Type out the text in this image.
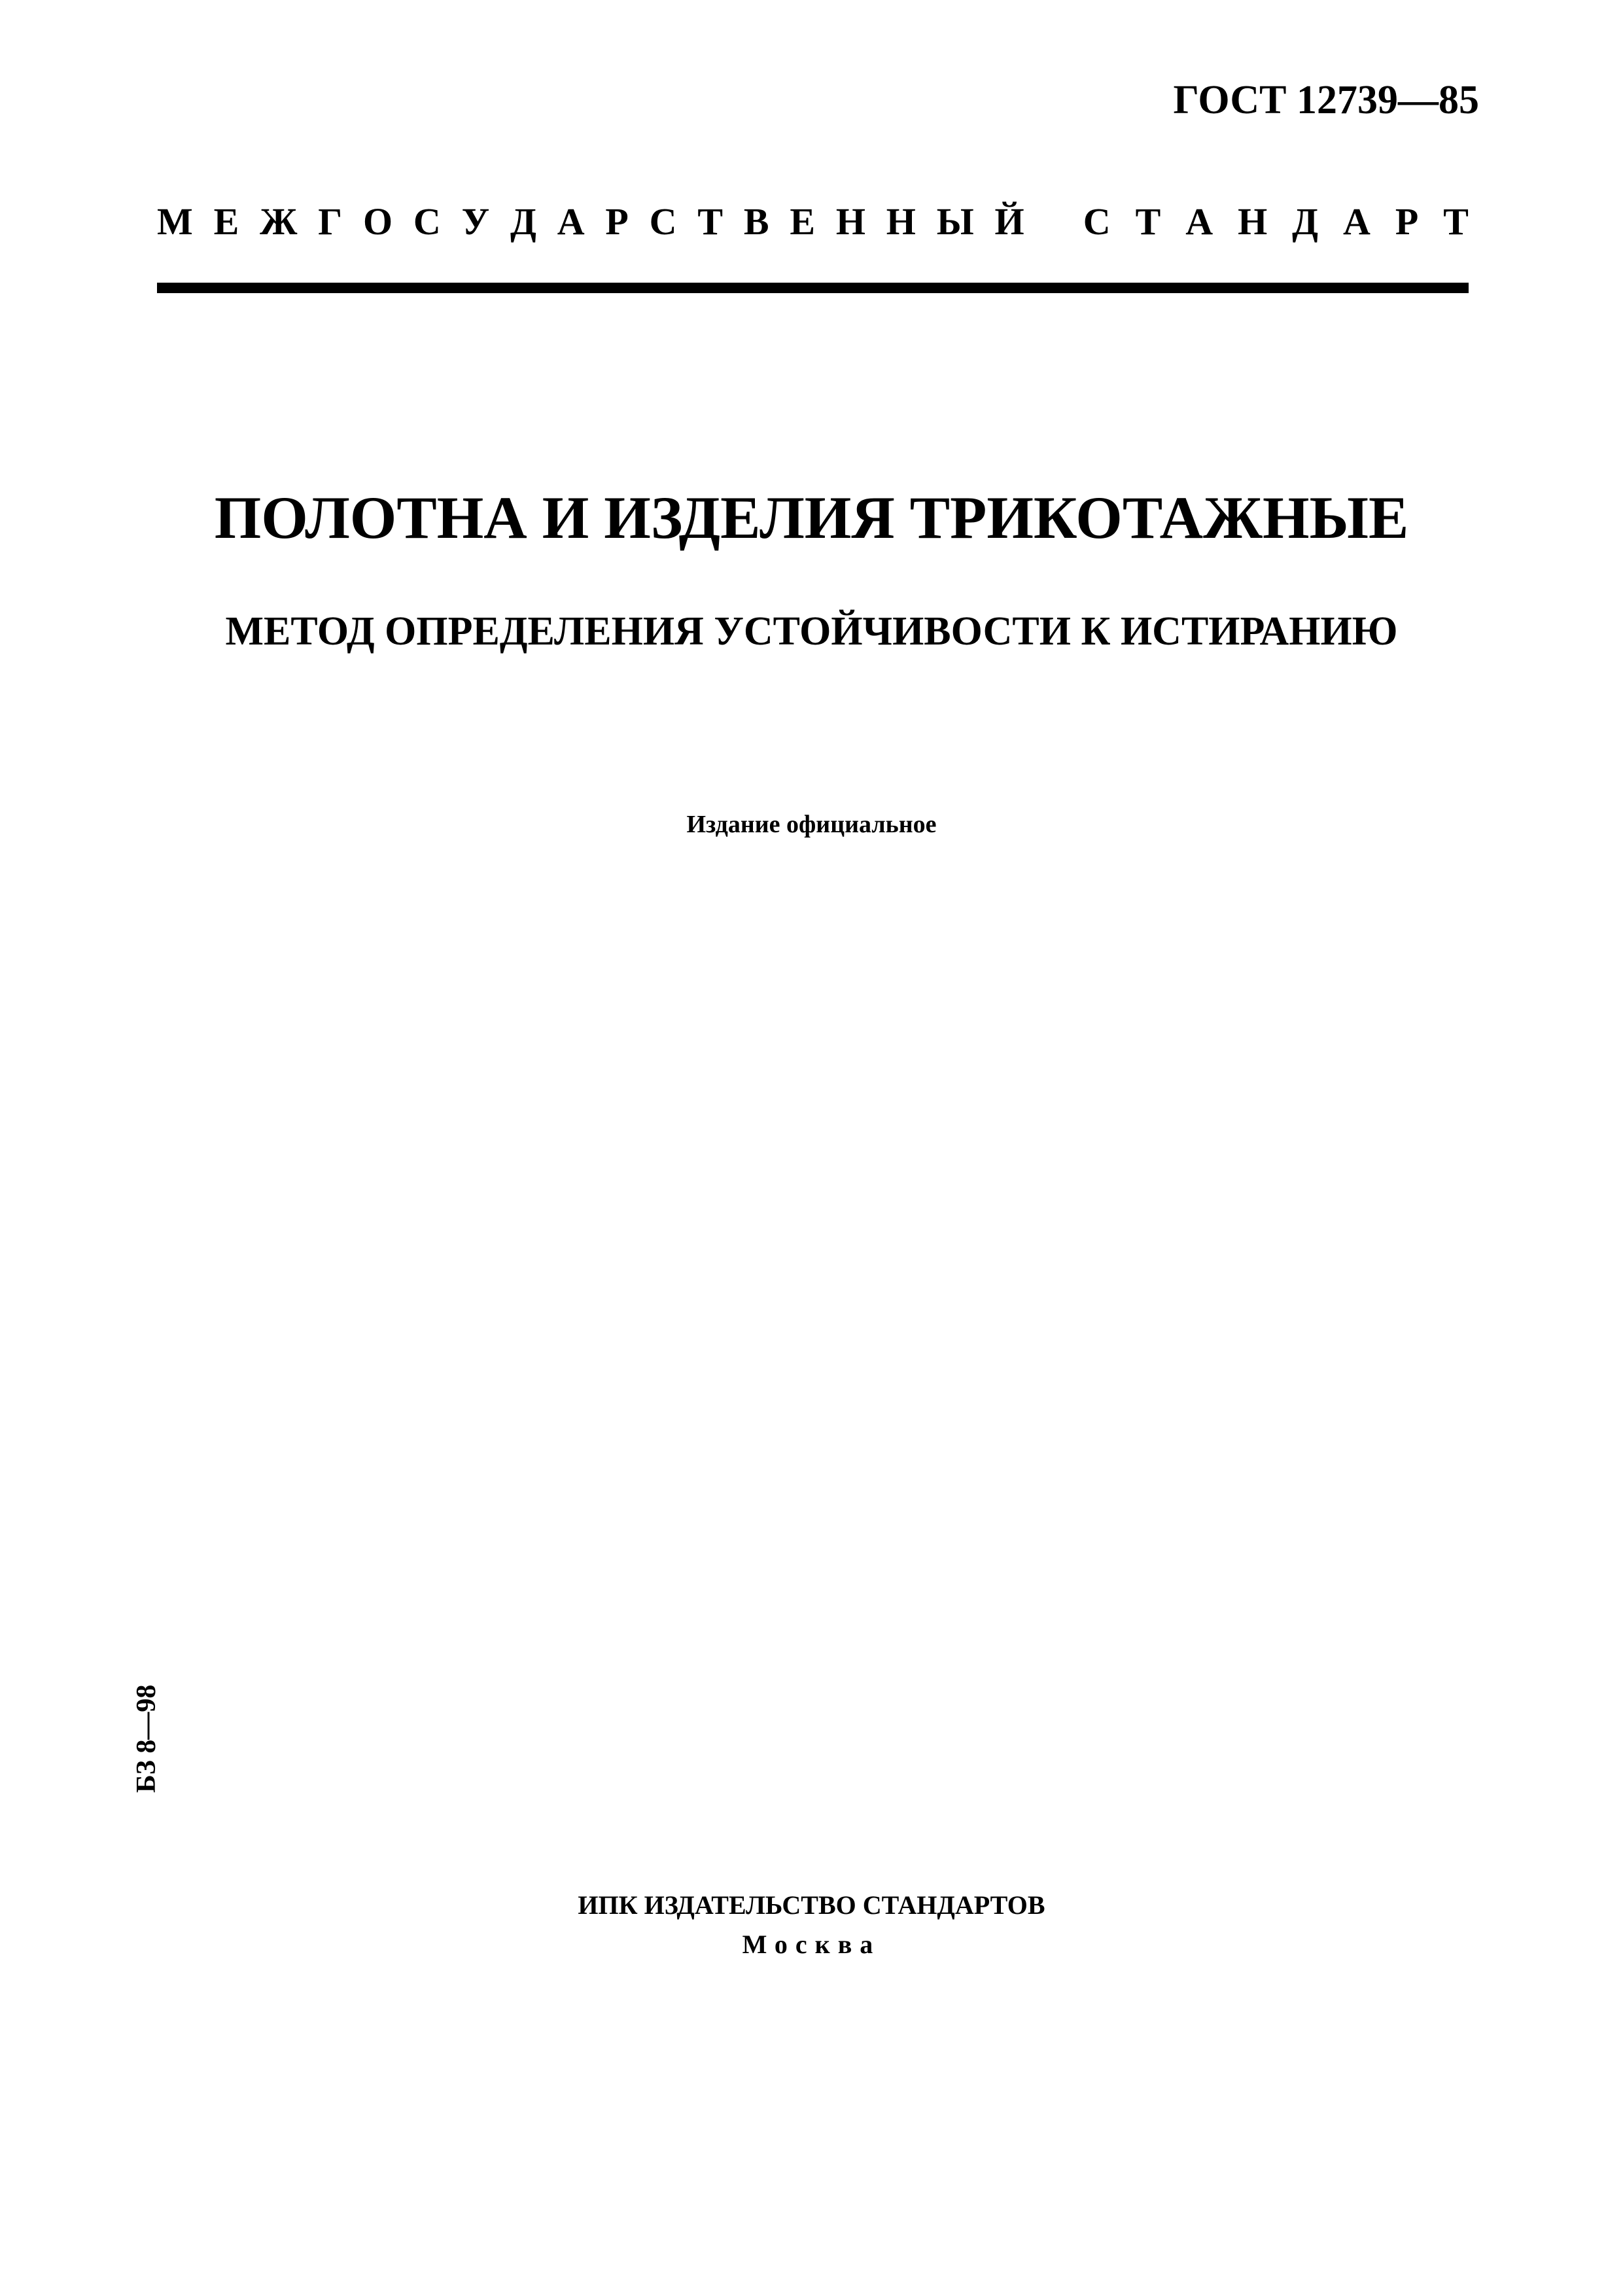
ГОСТ 12739—85
М Е Ж Г О С У Д А Р С Т В Е Н Н Ы Й С Т А Н Д А Р Т
ПОЛОТНА И ИЗДЕЛИЯ ТРИКОТАЖНЫЕ
МЕТОД ОПРЕДЕЛЕНИЯ УСТОЙЧИВОСТИ К ИСТИРАНИЮ
Издание официальное
БЗ 8—98
ИПК ИЗДАТЕЛЬСТВО СТАНДАРТОВ
Москва
